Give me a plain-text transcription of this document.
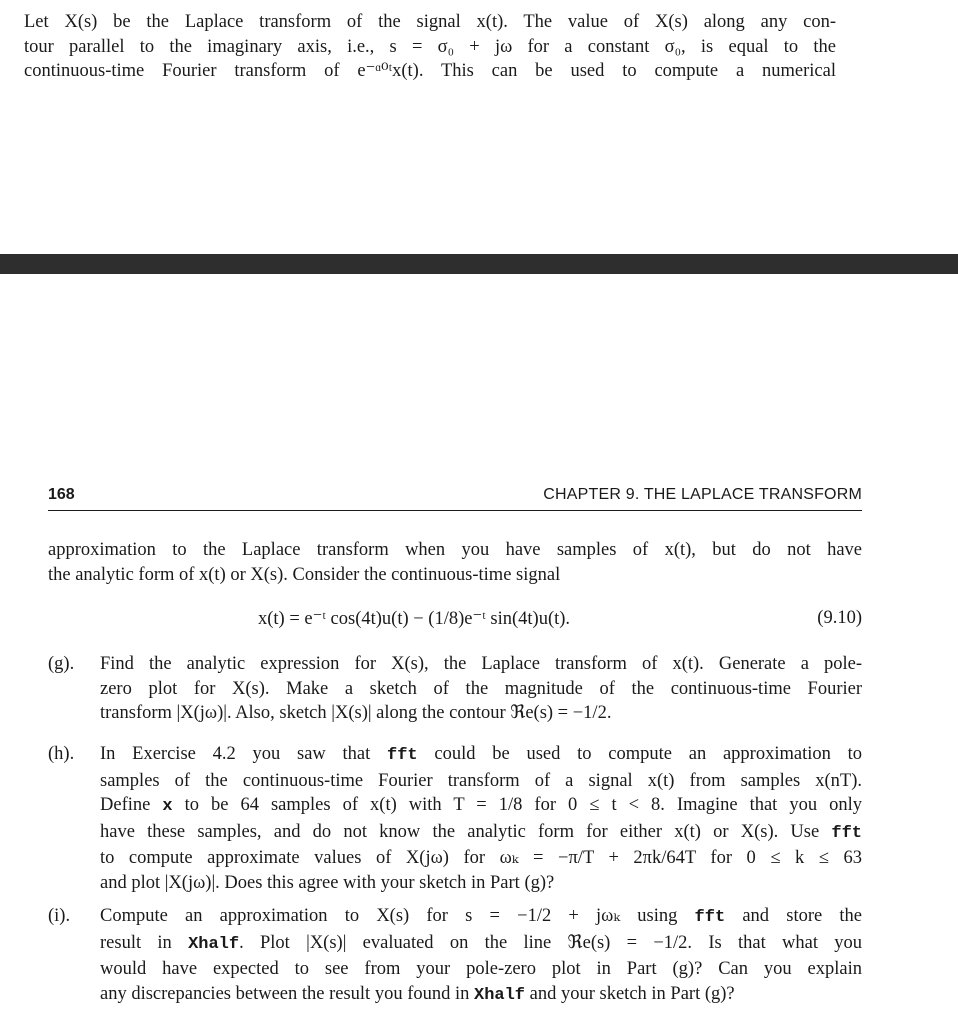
Let X(s) be the Laplace transform of the signal x(t). The value of X(s) along any con-
tour parallel to the imaginary axis, i.e., s = σ₀ + jω for a constant σ₀, is equal to the
continuous-time Fourier transform of e⁻ᵅ⁰ᵗx(t). This can be used to compute a numerical
168	CHAPTER 9. THE LAPLACE TRANSFORM
approximation to the Laplace transform when you have samples of x(t), but do not have
the analytic form of x(t) or X(s). Consider the continuous-time signal
x(t) = e⁻ᵗ cos(4t)u(t) − (1/8)e⁻ᵗ sin(4t)u(t).	(9.10)
(g). Find the analytic expression for X(s), the Laplace transform of x(t). Generate a pole-
zero plot for X(s). Make a sketch of the magnitude of the continuous-time Fourier
transform |X(jω)|. Also, sketch |X(s)| along the contour ℜe(s) = −1/2.
(h). In Exercise 4.2 you saw that fft could be used to compute an approximation to
samples of the continuous-time Fourier transform of a signal x(t) from samples x(nT).
Define x to be 64 samples of x(t) with T = 1/8 for 0 ≤ t < 8. Imagine that you only
have these samples, and do not know the analytic form for either x(t) or X(s). Use fft
to compute approximate values of X(jω) for ωₖ = −π/T + 2πk/64T for 0 ≤ k ≤ 63
and plot |X(jω)|. Does this agree with your sketch in Part (g)?
(i). Compute an approximation to X(s) for s = −1/2 + jωₖ using fft and store the
result in Xhalf. Plot |X(s)| evaluated on the line ℜe(s) = −1/2. Is that what you
would have expected to see from your pole-zero plot in Part (g)? Can you explain
any discrepancies between the result you found in Xhalf and your sketch in Part (g)?
